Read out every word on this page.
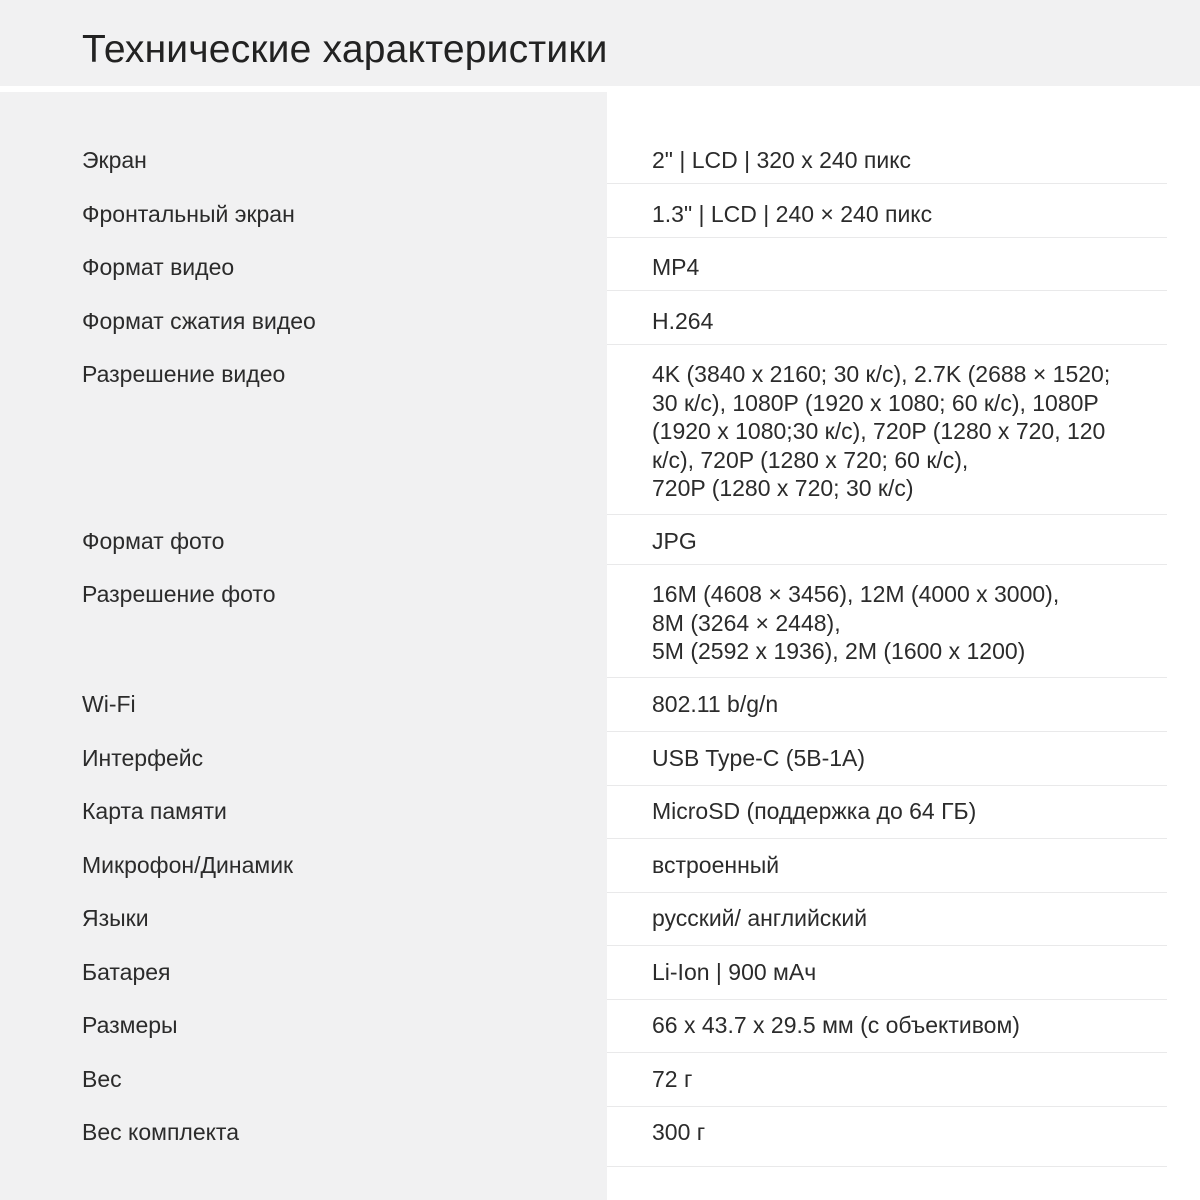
Технические характеристики
Экран	2" | LCD | 320 x 240 пикс
Фронтальный экран	1.3" | LCD | 240 × 240 пикс
Формат видео	MP4
Формат сжатия видео	H.264
Разрешение видео	4K (3840 x 2160; 30 к/с), 2.7K (2688 × 1520;
30 к/с), 1080P (1920 x 1080; 60 к/с), 1080P
(1920 x 1080;30 к/с), 720P (1280 x 720, 120
к/с), 720P (1280 x 720; 60 к/с),
720P (1280 x 720; 30 к/с)
Формат фото	JPG
Разрешение фото	16M (4608 × 3456), 12M (4000 x 3000),
8M (3264 × 2448),
5M (2592 x 1936), 2M (1600 x 1200)
Wi-Fi	802.11 b/g/n
Интерфейс	USB Type-C (5B-1A)
Карта памяти	MicroSD (поддержка до 64 ГБ)
Микрофон/Динамик	встроенный
Языки	русский/ английский
Батарея	Li-Ion | 900 мАч
Размеры	66 x 43.7 x 29.5 мм (с объективом)
Вес	72 г
Вес комплекта	300 г
